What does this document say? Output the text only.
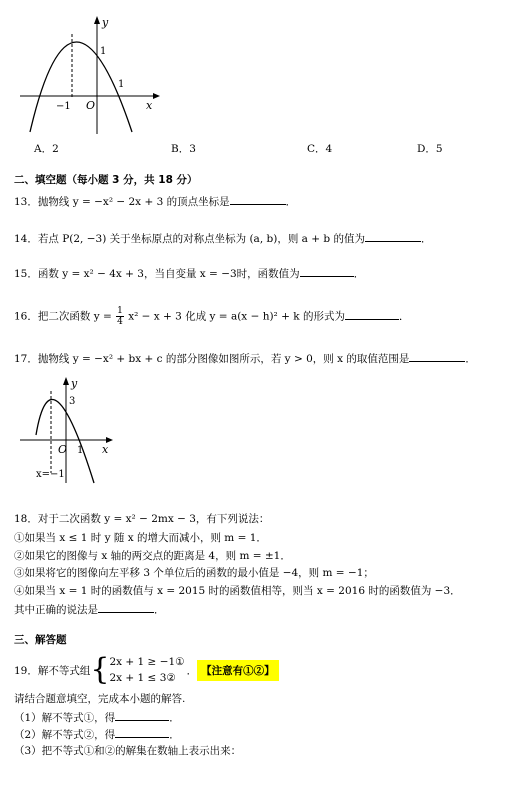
y
x
O
1
1
−1
A．2	B．3	C．4	D．5
二、填空题（每小题 3 分，共 18 分）
13．抛物线 y = −x² − 2x + 3 的顶点坐标是	．
14．若点 P(2, −3) 关于坐标原点的对称点坐标为 (a, b)，则 a + b 的值为	．
15．函数 y = x² − 4x + 3，当自变量 x = −3时，函数值为	．
16．把二次函数 $y = \frac{1}{4} x^2 - x + 3$ 化成 y = a(x − h)² + k 的形式为	．
17．抛物线 y = −x² + bx + c 的部分图像如图所示，若 y > 0，则 x 的取值范围是	．
y
x
O
3
1
x=−1
18．对于二次函数 y = x² − 2mx − 3，有下列说法：
①如果当 x ≤ 1 时 y 随 x 的增大而减小，则 m = 1．
②如果它的图像与 x 轴的两交点的距离是 4，则 m = ±1．
③如果将它的图像向左平移 3 个单位后的函数的最小值是 −4，则 m = −1；
④如果当 x = 1 时的函数值与 x = 2015 时的函数值相等，则当 x = 2016 时的函数值为 −3．
其中正确的说法是	．
三、解答题
19．解不等式组 { 2x + 1 ≥ −1①
2x + 1 ≤ 3②
． 【注意有①②】
请结合题意填空，完成本小题的解答.
（1）解不等式①，得	．
（2）解不等式②，得	．
（3）把不等式①和②的解集在数轴上表示出来：
